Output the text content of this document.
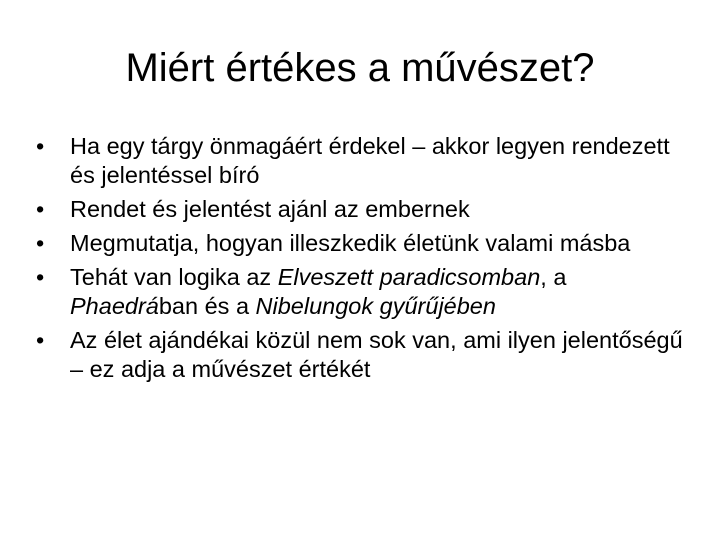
Miért értékes a művészet?
•	Ha egy tárgy önmagáért érdekel – akkor legyen rendezett és jelentéssel bíró
•	Rendet és jelentést ajánl az embernek
•	Megmutatja, hogyan illeszkedik életünk valami másba
•	Tehát van logika az Elveszett paradicsomban, a Phaedrában és a Nibelungok gyűrűjében
•	Az élet ajándékai közül nem sok van, ami ilyen jelentőségű – ez adja a művészet értékét
